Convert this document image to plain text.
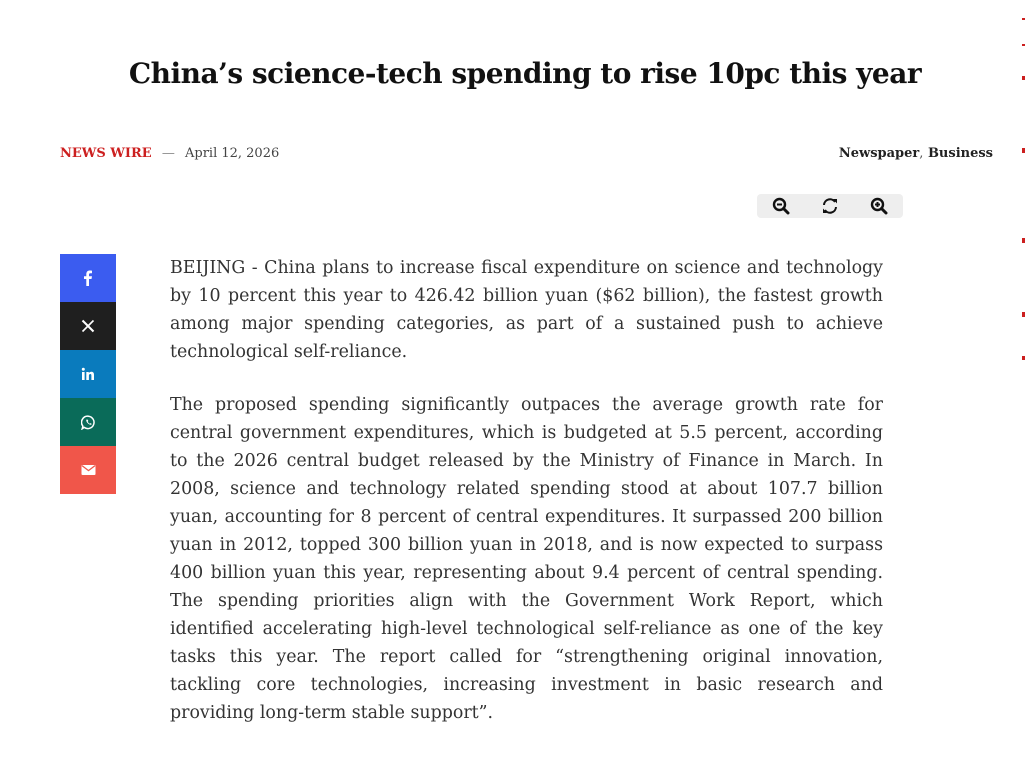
China’s science-tech spending to rise 10pc this year
NEWS WIRE — April 12, 2026	Newspaper, Business

BEIJING - China plans to increase fiscal expenditure on science and technology by 10 percent this year to 426.42 billion yuan ($62 billion), the fastest growth among major spending categories, as part of a sustained push to achieve technological self-reliance.

The proposed spending significantly outpaces the average growth rate for central government expenditures, which is budgeted at 5.5 percent, according to the 2026 central budget released by the Ministry of Finance in March. In 2008, science and technology related spending stood at about 107.7 billion yuan, accounting for 8 percent of central expenditures. It surpassed 200 billion yuan in 2012, topped 300 billion yuan in 2018, and is now expected to surpass 400 billion yuan this year, representing about 9.4 percent of central spending. The spending priorities align with the Government Work Report, which identified accelerating high-level technological self-reliance as one of the key tasks this year. The report called for “strengthening original innovation, tackling core technologies, increasing investment in basic research and providing long-term stable support”.
